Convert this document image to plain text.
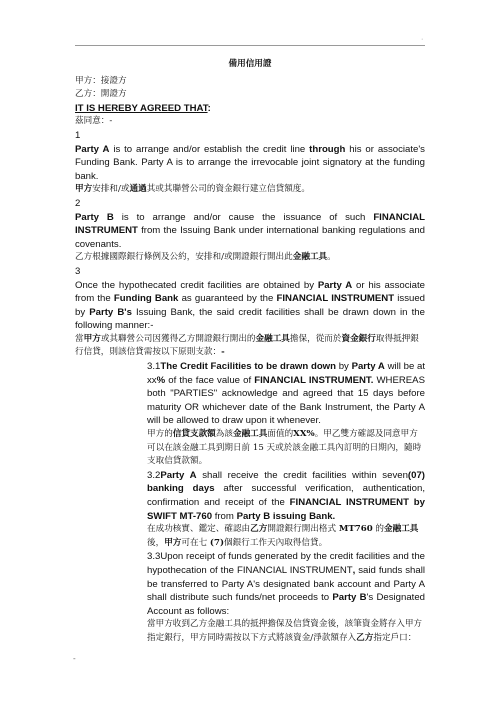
·

備用信用證

甲方：接證方

乙方：開證方

IT IS HEREBY AGREED THAT:

茲同意：-

1

Party A is to arrange and/or establish the credit line through his or associate's Funding Bank. Party A is to arrange the irrevocable joint signatory at the funding bank.

甲方安排和/或通過其或其聯營公司的資金銀行建立信貸額度。

2

Party B is to arrange and/or cause the issuance of such FINANCIAL INSTRUMENT from the Issuing Bank under international banking regulations and covenants.

乙方根據國際銀行條例及公約，安排和/或開證銀行開出此金融工具。

3

Once the hypothecated credit facilities are obtained by Party A or his associate from the Funding Bank as guaranteed by the FINANCIAL INSTRUMENT issued by Party B's Issuing Bank, the said credit facilities shall be drawn down in the following manner:-

當甲方或其聯營公司因獲得乙方開證銀行開出的金融工具擔保，從而於資金銀行取得抵押銀行信貸，則該信貸需按以下原則支款：-

3.1The Credit Facilities to be drawn down by Party A will be at xx% of the face value of FINANCIAL INSTRUMENT. WHEREAS both "PARTIES" acknowledge and agreed that 15 days before maturity OR whichever date of the Bank Instrument, the Party A will be allowed to draw upon it whenever.

甲方的信貸支款額為該金融工具面值的XX%。甲乙雙方確認及同意甲方可以在該金融工具到期日前 15 天或於該金融工具內訂明的日期內，隨時支取信貸款額。

3.2Party A shall receive the credit facilities within seven(07) banking days after successful verification, authentication, confirmation and receipt of the FINANCIAL INSTRUMENT by SWIFT MT-760 from Party B issuing Bank.

在成功核實、鑑定、確認由乙方開證銀行開出格式 MT760 的金融工具後，甲方可在七 (7)個銀行工作天內取得信貸。

3.3Upon receipt of funds generated by the credit facilities and the hypothecation of the FINANCIAL INSTRUMENT, said funds shall be transferred to Party A's designated bank account and Party A shall distribute such funds/net proceeds to Party B's Designated Account as follows:

當甲方收到乙方金融工具的抵押擔保及信貸資金後，該筆資金將存入甲方指定銀行，甲方同時需按以下方式將該資金/淨款額存入乙方指定戶口：

-
